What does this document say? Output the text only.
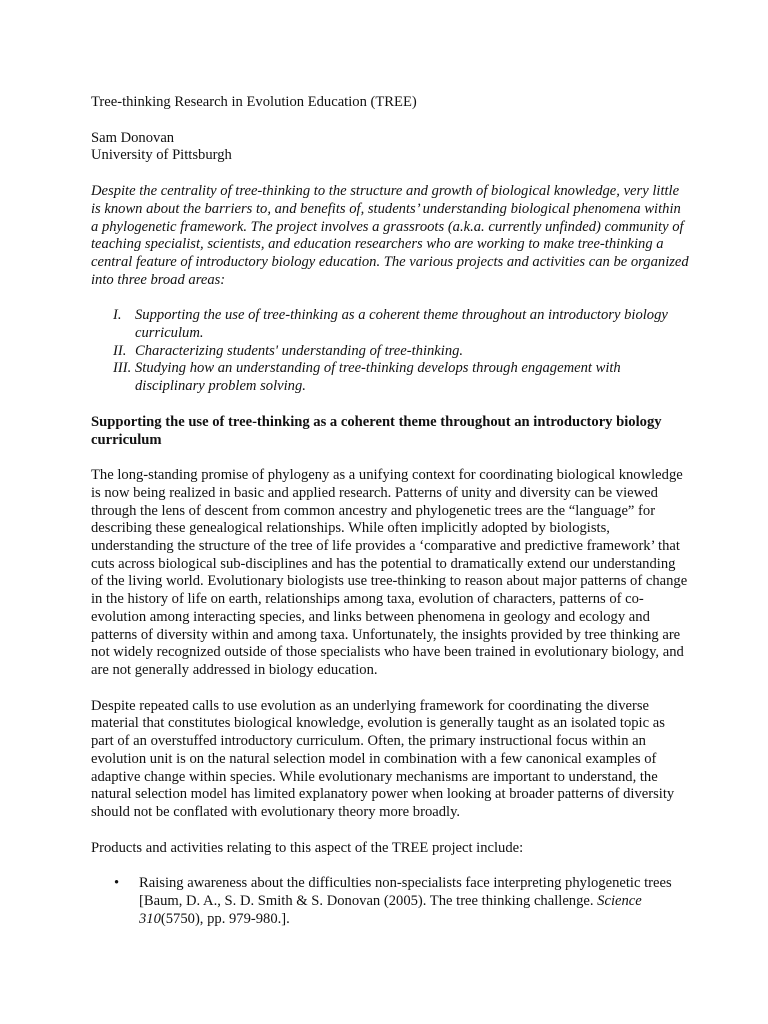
Tree-thinking Research in Evolution Education (TREE)

Sam Donovan

University of Pittsburgh

Despite the centrality of tree-thinking to the structure and growth of biological knowledge, very little is known about the barriers to, and benefits of, students’ understanding biological phenomena within a phylogenetic framework. The project involves a grassroots (a.k.a. currently unfinded) community of teaching specialist, scientists, and education researchers who are working to make tree-thinking a central feature of introductory biology education. The various projects and activities can be organized into three broad areas:

I. Supporting the use of tree-thinking as a coherent theme throughout an introductory biology curriculum.
II. Characterizing students' understanding of tree-thinking.
III. Studying how an understanding of tree-thinking develops through engagement with disciplinary problem solving.

Supporting the use of tree-thinking as a coherent theme throughout an introductory biology curriculum

The long-standing promise of phylogeny as a unifying context for coordinating biological knowledge is now being realized in basic and applied research. Patterns of unity and diversity can be viewed through the lens of descent from common ancestry and phylogenetic trees are the “language” for describing these genealogical relationships. While often implicitly adopted by biologists, understanding the structure of the tree of life provides a ‘comparative and predictive framework’ that cuts across biological sub-disciplines and has the potential to dramatically extend our understanding of the living world. Evolutionary biologists use tree-thinking to reason about major patterns of change in the history of life on earth, relationships among taxa, evolution of characters, patterns of co-evolution among interacting species, and links between phenomena in geology and ecology and patterns of diversity within and among taxa. Unfortunately, the insights provided by tree thinking are not widely recognized outside of those specialists who have been trained in evolutionary biology, and are not generally addressed in biology education.

Despite repeated calls to use evolution as an underlying framework for coordinating the diverse material that constitutes biological knowledge, evolution is generally taught as an isolated topic as part of an overstuffed introductory curriculum. Often, the primary instructional focus within an evolution unit is on the natural selection model in combination with a few canonical examples of adaptive change within species. While evolutionary mechanisms are important to understand, the natural selection model has limited explanatory power when looking at broader patterns of diversity should not be conflated with evolutionary theory more broadly.

Products and activities relating to this aspect of the TREE project include:

•	Raising awareness about the difficulties non-specialists face interpreting phylogenetic trees [Baum, D. A., S. D. Smith & S. Donovan (2005). The tree thinking challenge. Science 310(5750), pp. 979-980.].
